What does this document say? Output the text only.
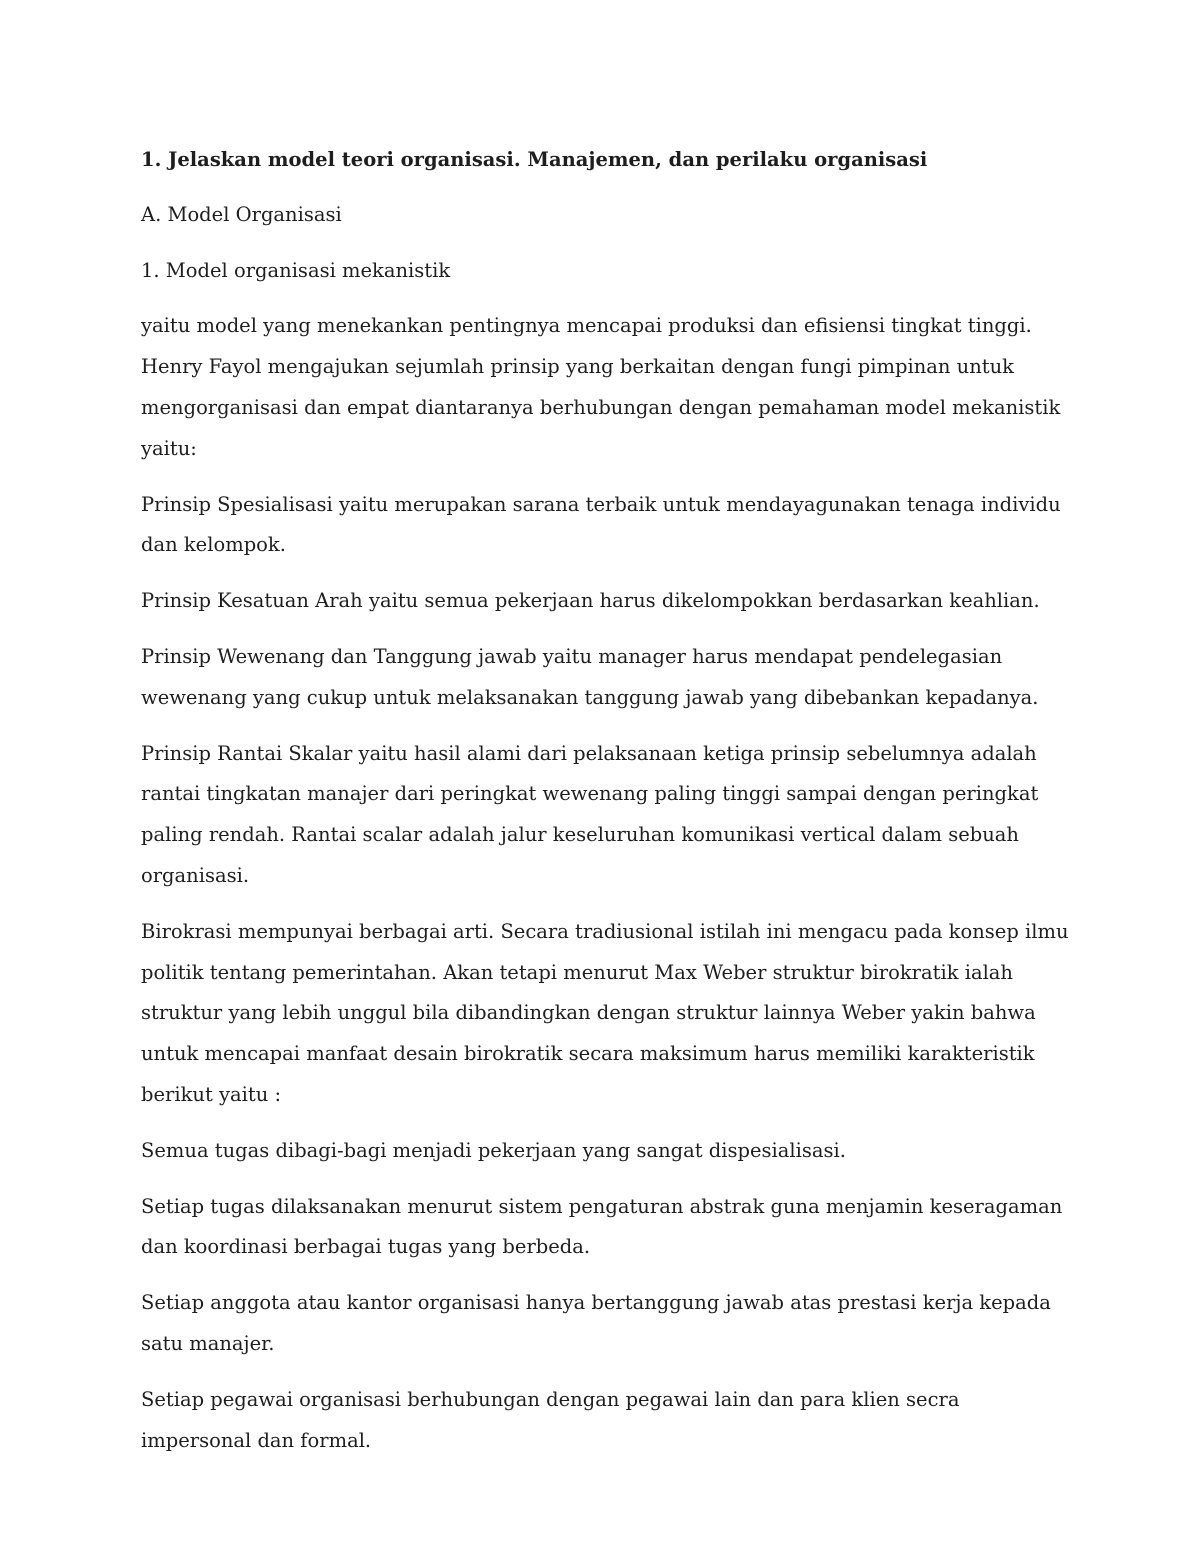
1. Jelaskan model teori organisasi. Manajemen, dan perilaku organisasi

A. Model Organisasi

1. Model organisasi mekanistik

yaitu model yang menekankan pentingnya mencapai produksi dan efisiensi tingkat tinggi. Henry Fayol mengajukan sejumlah prinsip yang berkaitan dengan fungi pimpinan untuk mengorganisasi dan empat diantaranya berhubungan dengan pemahaman model mekanistik yaitu:

Prinsip Spesialisasi yaitu merupakan sarana terbaik untuk mendayagunakan tenaga individu dan kelompok.

Prinsip Kesatuan Arah yaitu semua pekerjaan harus dikelompokkan berdasarkan keahlian.

Prinsip Wewenang dan Tanggung jawab yaitu manager harus mendapat pendelegasian wewenang yang cukup untuk melaksanakan tanggung jawab yang dibebankan kepadanya.

Prinsip Rantai Skalar yaitu hasil alami dari pelaksanaan ketiga prinsip sebelumnya adalah rantai tingkatan manajer dari peringkat wewenang paling tinggi sampai dengan peringkat paling rendah. Rantai scalar adalah jalur keseluruhan komunikasi vertical dalam sebuah organisasi.

Birokrasi mempunyai berbagai arti. Secara tradiusional istilah ini mengacu pada konsep ilmu politik tentang pemerintahan. Akan tetapi menurut Max Weber struktur birokratik ialah struktur yang lebih unggul bila dibandingkan dengan struktur lainnya Weber yakin bahwa untuk mencapai manfaat desain birokratik secara maksimum harus memiliki karakteristik berikut yaitu :

Semua tugas dibagi-bagi menjadi pekerjaan yang sangat dispesialisasi.

Setiap tugas dilaksanakan menurut sistem pengaturan abstrak guna menjamin keseragaman dan koordinasi berbagai tugas yang berbeda.

Setiap anggota atau kantor organisasi hanya bertanggung jawab atas prestasi kerja kepada satu manajer.

Setiap pegawai organisasi berhubungan dengan pegawai lain dan para klien secra impersonal dan formal.
